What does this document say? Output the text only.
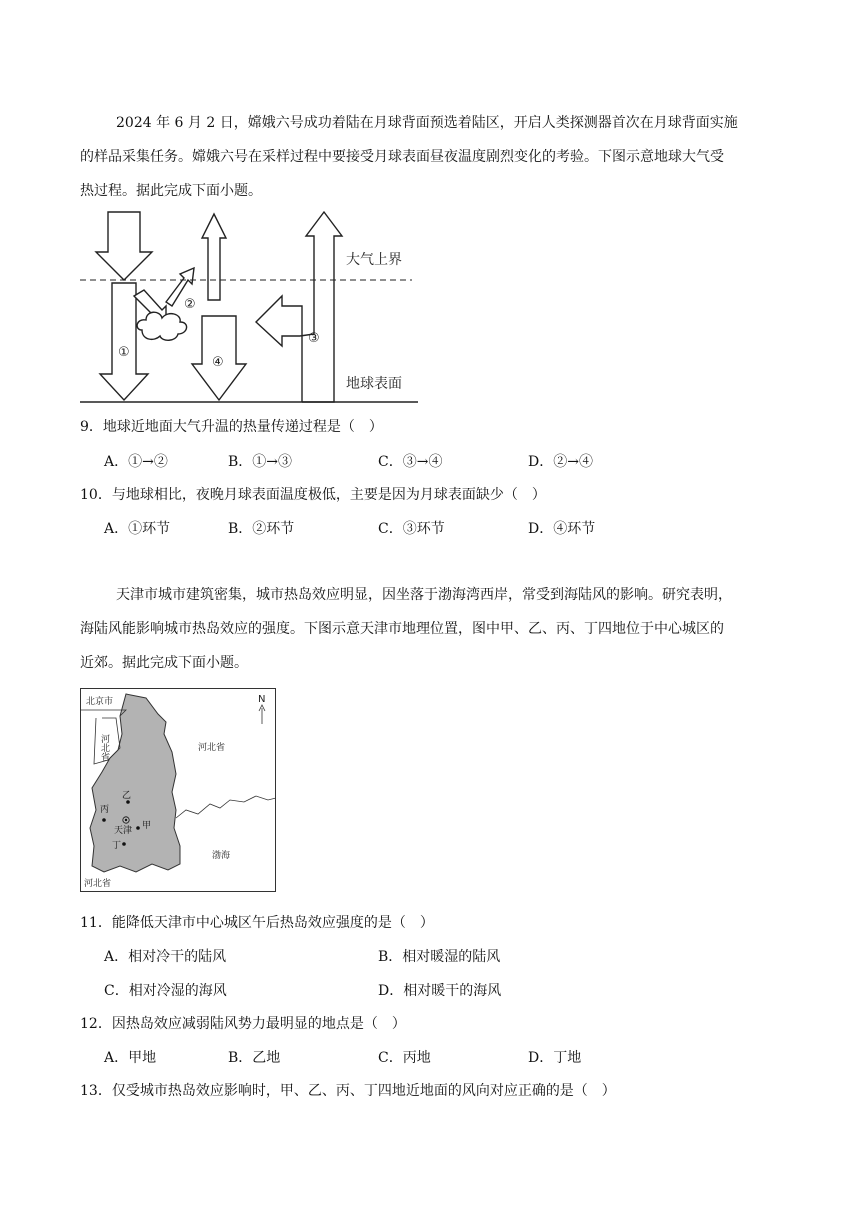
2024 年 6 月 2 日，嫦娥六号成功着陆在月球背面预选着陆区，开启人类探测器首次在月球背面实施
的样品采集任务。嫦娥六号在采样过程中要接受月球表面昼夜温度剧烈变化的考验。下图示意地球大气受
热过程。据此完成下面小题。
大气上界
地球表面
①
②
③
④
9．地球近地面大气升温的热量传递过程是（　）
A．①→②	B．①→③	C．③→④	D．②→④
10．与地球相比，夜晚月球表面温度极低，主要是因为月球表面缺少（　）
A．①环节	B．②环节	C．③环节	D．④环节
天津市城市建筑密集，城市热岛效应明显，因坐落于渤海湾西岸，常受到海陆风的影响。研究表明，
海陆风能影响城市热岛效应的强度。下图示意天津市地理位置，图中甲、乙、丙、丁四地位于中心城区的
近郊。据此完成下面小题。
N
北京市
河北省
河北省
河北省
渤海
乙
丙
天津 甲
丁
11．能降低天津市中心城区午后热岛效应强度的是（　）
A．相对冷干的陆风	B．相对暖湿的陆风
C．相对冷湿的海风	D．相对暖干的海风
12．因热岛效应减弱陆风势力最明显的地点是（　）
A．甲地	B．乙地	C．丙地	D．丁地
13．仅受城市热岛效应影响时，甲、乙、丙、丁四地近地面的风向对应正确的是（　）
